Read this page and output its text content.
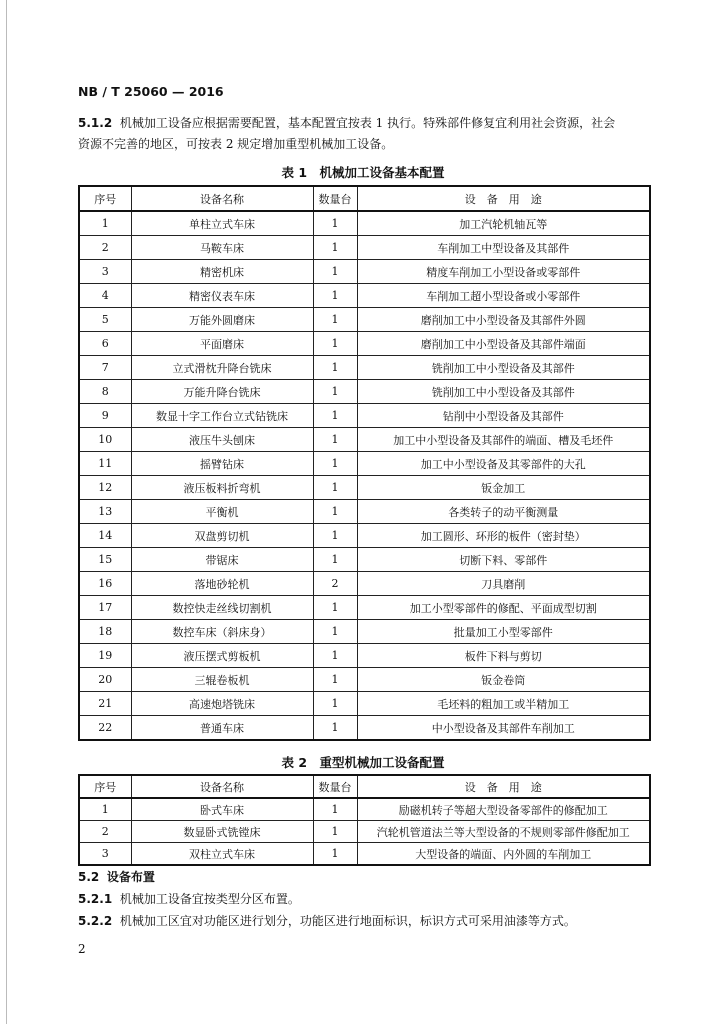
NB / T 25060 — 2016
5.1.2 机械加工设备应根据需要配置，基本配置宜按表 1 执行。特殊部件修复宜利用社会资源，社会
资源不完善的地区，可按表 2 规定增加重型机械加工设备。
表 1　机械加工设备基本配置
序号	设备名称	数量台	设　备　用　途
1	单柱立式车床	1	加工汽轮机轴瓦等
2	马鞍车床	1	车削加工中型设备及其部件
3	精密机床	1	精度车削加工小型设备或零部件
4	精密仪表车床	1	车削加工超小型设备或小零部件
5	万能外圆磨床	1	磨削加工中小型设备及其部件外圆
6	平面磨床	1	磨削加工中小型设备及其部件端面
7	立式滑枕升降台铣床	1	铣削加工中小型设备及其部件
8	万能升降台铣床	1	铣削加工中小型设备及其部件
9	数显十字工作台立式钻铣床	1	钻削中小型设备及其部件
10	液压牛头刨床	1	加工中小型设备及其部件的端面、槽及毛坯件
11	摇臂钻床	1	加工中小型设备及其零部件的大孔
12	液压板料折弯机	1	钣金加工
13	平衡机	1	各类转子的动平衡测量
14	双盘剪切机	1	加工圆形、环形的板件（密封垫）
15	带锯床	1	切断下料、零部件
16	落地砂轮机	2	刀具磨削
17	数控快走丝线切割机	1	加工小型零部件的修配、平面成型切割
18	数控车床（斜床身）	1	批量加工小型零部件
19	液压摆式剪板机	1	板件下料与剪切
20	三辊卷板机	1	钣金卷筒
21	高速炮塔铣床	1	毛坯料的粗加工或半精加工
22	普通车床	1	中小型设备及其部件车削加工
表 2　重型机械加工设备配置
序号	设备名称	数量台	设　备　用　途
1	卧式车床	1	励磁机转子等超大型设备零部件的修配加工
2	数显卧式铣镗床	1	汽轮机管道法兰等大型设备的不规则零部件修配加工
3	双柱立式车床	1	大型设备的端面、内外圆的车削加工
5.2 设备布置
5.2.1 机械加工设备宜按类型分区布置。
5.2.2 机械加工区宜对功能区进行划分，功能区进行地面标识，标识方式可采用油漆等方式。
2
